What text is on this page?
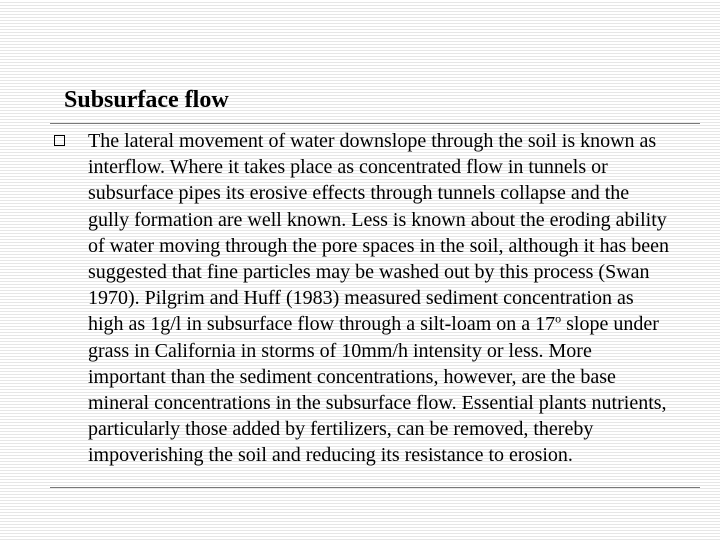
Subsurface flow
The lateral movement of water downslope through the soil is known as interflow. Where it takes place as concentrated flow in tunnels or subsurface pipes its erosive effects through tunnels collapse and the gully formation are well known. Less is known about the eroding ability of water moving through the pore spaces in the soil, although it has been suggested that fine particles may be washed out by this process (Swan 1970). Pilgrim and Huff (1983) measured sediment concentration as high as 1g/l in subsurface flow through a silt-loam on a 17$^o$ slope under grass in California in storms of 10mm/h intensity or less. More important than the sediment concentrations, however, are the base mineral concentrations in the subsurface flow. Essential plants nutrients, particularly those added by fertilizers, can be removed, thereby impoverishing the soil and reducing its resistance to erosion.
